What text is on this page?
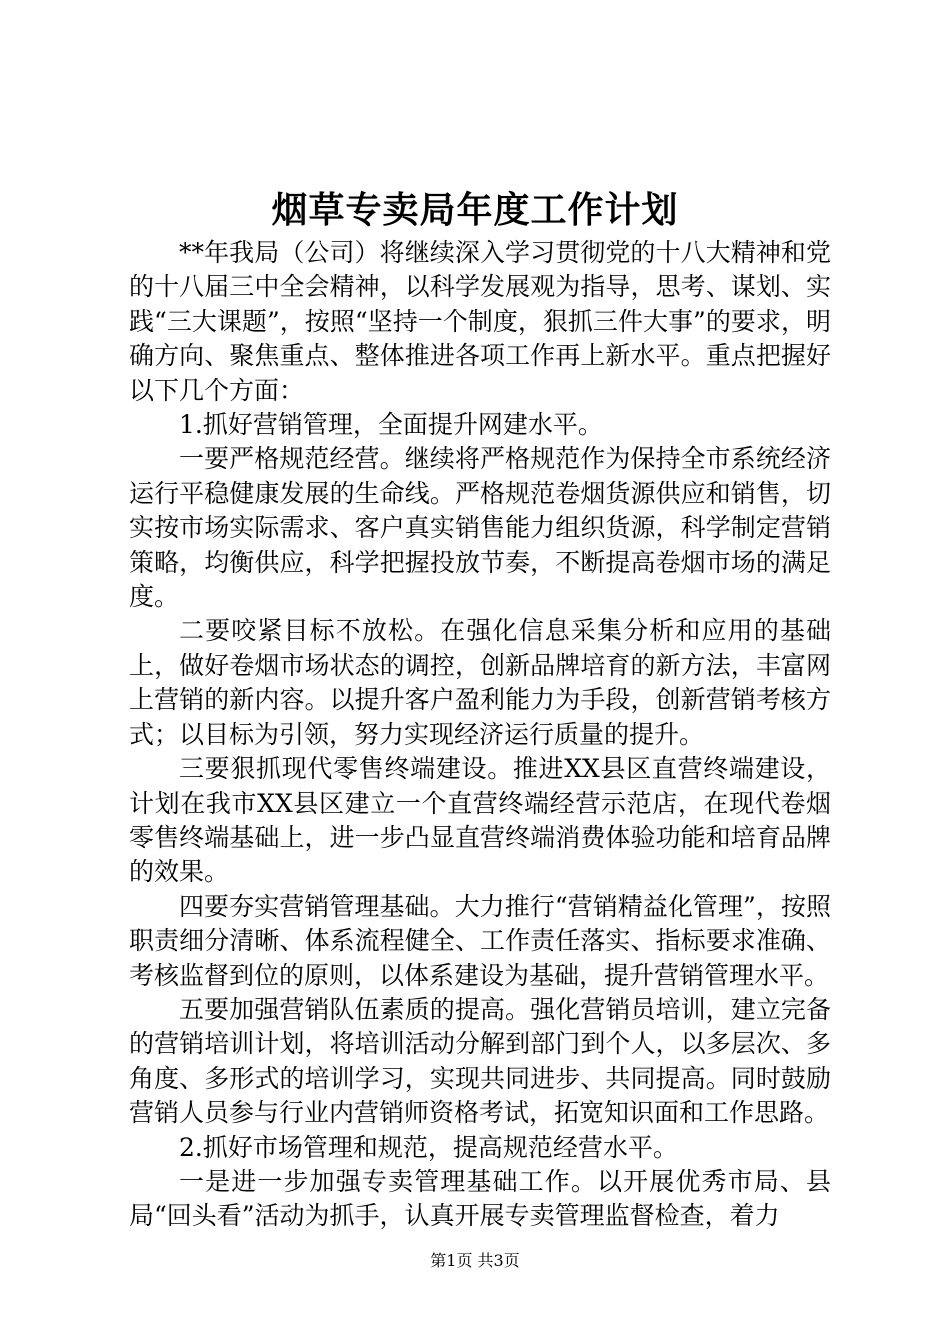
烟草专卖局年度工作计划

**年我局（公司）将继续深入学习贯彻党的十八大精神和党的十八届三中全会精神，以科学发展观为指导，思考、谋划、实践“三大课题”，按照“坚持一个制度，狠抓三件大事”的要求，明确方向、聚焦重点、整体推进各项工作再上新水平。重点把握好以下几个方面：

1.抓好营销管理，全面提升网建水平。

一要严格规范经营。继续将严格规范作为保持全市系统经济运行平稳健康发展的生命线。严格规范卷烟货源供应和销售，切实按市场实际需求、客户真实销售能力组织货源，科学制定营销策略，均衡供应，科学把握投放节奏，不断提高卷烟市场的满足度。

二要咬紧目标不放松。在强化信息采集分析和应用的基础上，做好卷烟市场状态的调控，创新品牌培育的新方法，丰富网上营销的新内容。以提升客户盈利能力为手段，创新营销考核方式；以目标为引领，努力实现经济运行质量的提升。

三要狠抓现代零售终端建设。推进XX县区直营终端建设，计划在我市XX县区建立一个直营终端经营示范店，在现代卷烟零售终端基础上，进一步凸显直营终端消费体验功能和培育品牌的效果。

四要夯实营销管理基础。大力推行“营销精益化管理”，按照职责细分清晰、体系流程健全、工作责任落实、指标要求准确、考核监督到位的原则，以体系建设为基础，提升营销管理水平。

五要加强营销队伍素质的提高。强化营销员培训，建立完备的营销培训计划，将培训活动分解到部门到个人，以多层次、多角度、多形式的培训学习，实现共同进步、共同提高。同时鼓励营销人员参与行业内营销师资格考试，拓宽知识面和工作思路。

2.抓好市场管理和规范，提高规范经营水平。

一是进一步加强专卖管理基础工作。以开展优秀市局、县局“回头看”活动为抓手，认真开展专卖管理监督检查，着力

第1页 共3页
